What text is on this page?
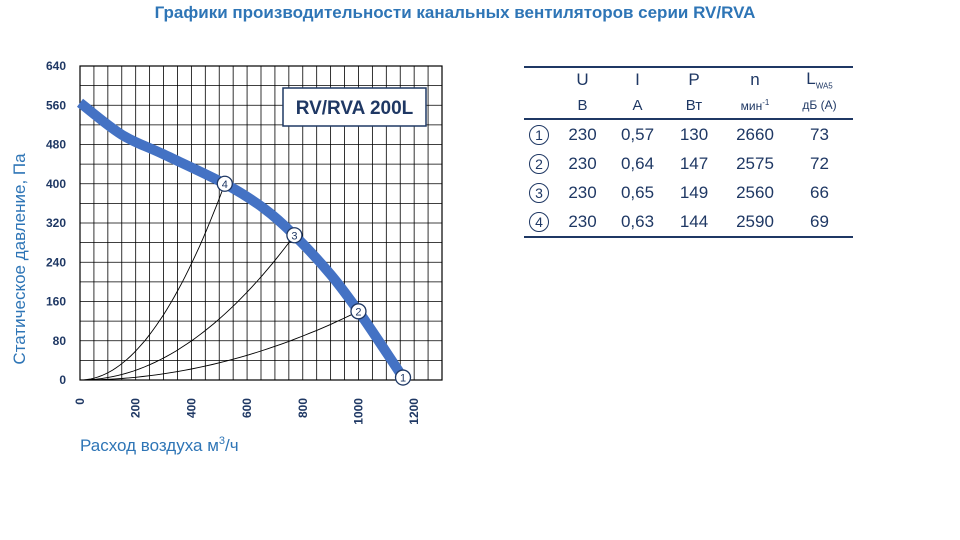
Графики производительности канальных вентиляторов серии RV/RVA
640
560
480
400
320
240
160
80
0
0	200	400	600	800	1000	1200
1
2
3
4
RV/RVA 200L
Статическое давление, Па
Расход воздуха $м^3/ч$
	U	I	P	n	$L_{WA5}$
	В	А	Вт	мин$^{-1}$	дБ (А)
1	230	0,57	130	2660	73
2	230	0,64	147	2575	72
3	230	0,65	149	2560	66
4	230	0,63	144	2590	69
